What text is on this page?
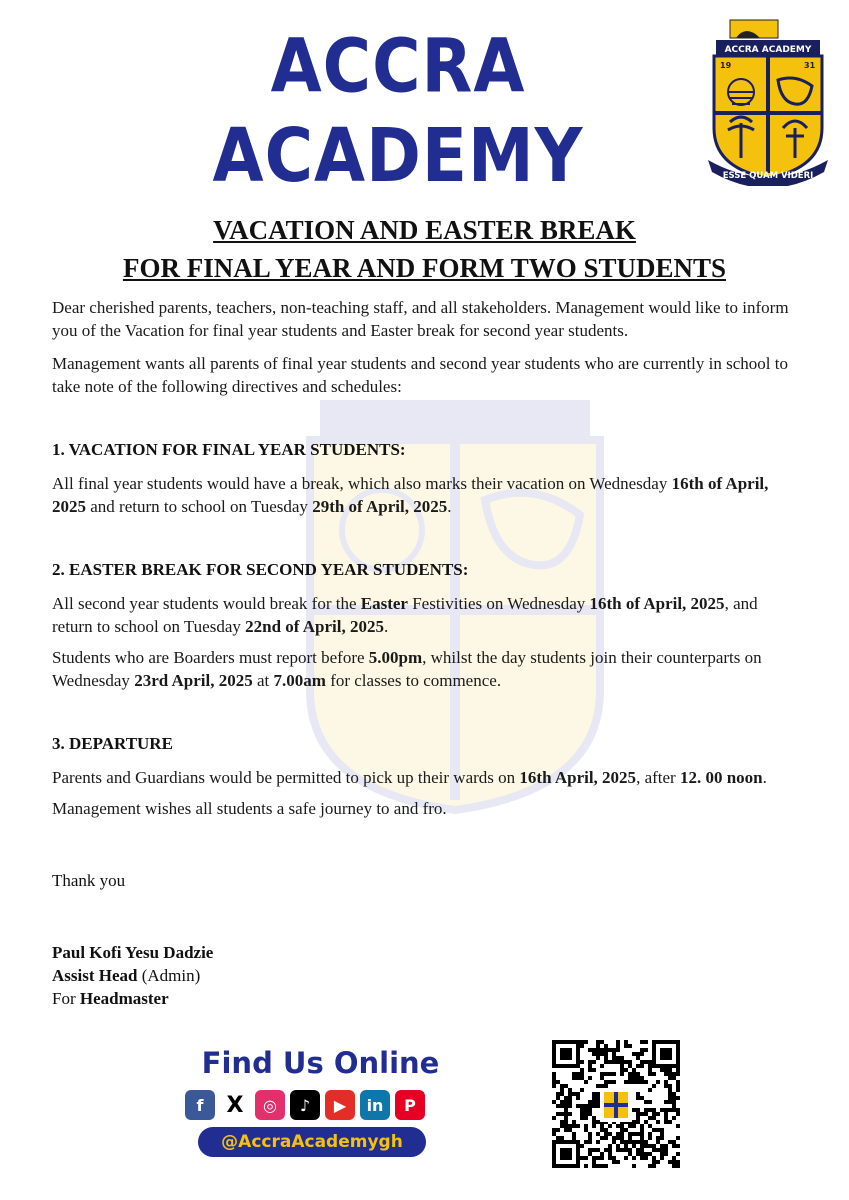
ACCRA ACADEMY
ACCRA ACADEMY
19	31
ESSE QUAM VIDERI
VACATION AND EASTER BREAK
FOR FINAL YEAR AND FORM TWO STUDENTS
Dear cherished parents, teachers, non-teaching staff, and all stakeholders. Management would like to inform
you of the Vacation for final year students and Easter break for second year students.
Management wants all parents of final year students and second year students who are currently in school to
take note of the following directives and schedules:
1. VACATION FOR FINAL YEAR STUDENTS:
All final year students would have a break, which also marks their vacation on Wednesday 16th of April,
2025 and return to school on Tuesday 29th of April, 2025.
2. EASTER BREAK FOR SECOND YEAR STUDENTS:
All second year students would break for the Easter Festivities on Wednesday 16th of April, 2025, and
return to school on Tuesday 22nd of April, 2025.
Students who are Boarders must report before 5.00pm, whilst the day students join their counterparts on
Wednesday 23rd April, 2025 at 7.00am for classes to commence.
3. DEPARTURE
Parents and Guardians would be permitted to pick up their wards on 16th April, 2025, after 12. 00 noon.
Management wishes all students a safe journey to and fro.
Thank you
Paul Kofi Yesu Dadzie
Assist Head (Admin)
For Headmaster
Find Us Online
f	X	◎	♪	▶	in	P
@AccraAcademygh
